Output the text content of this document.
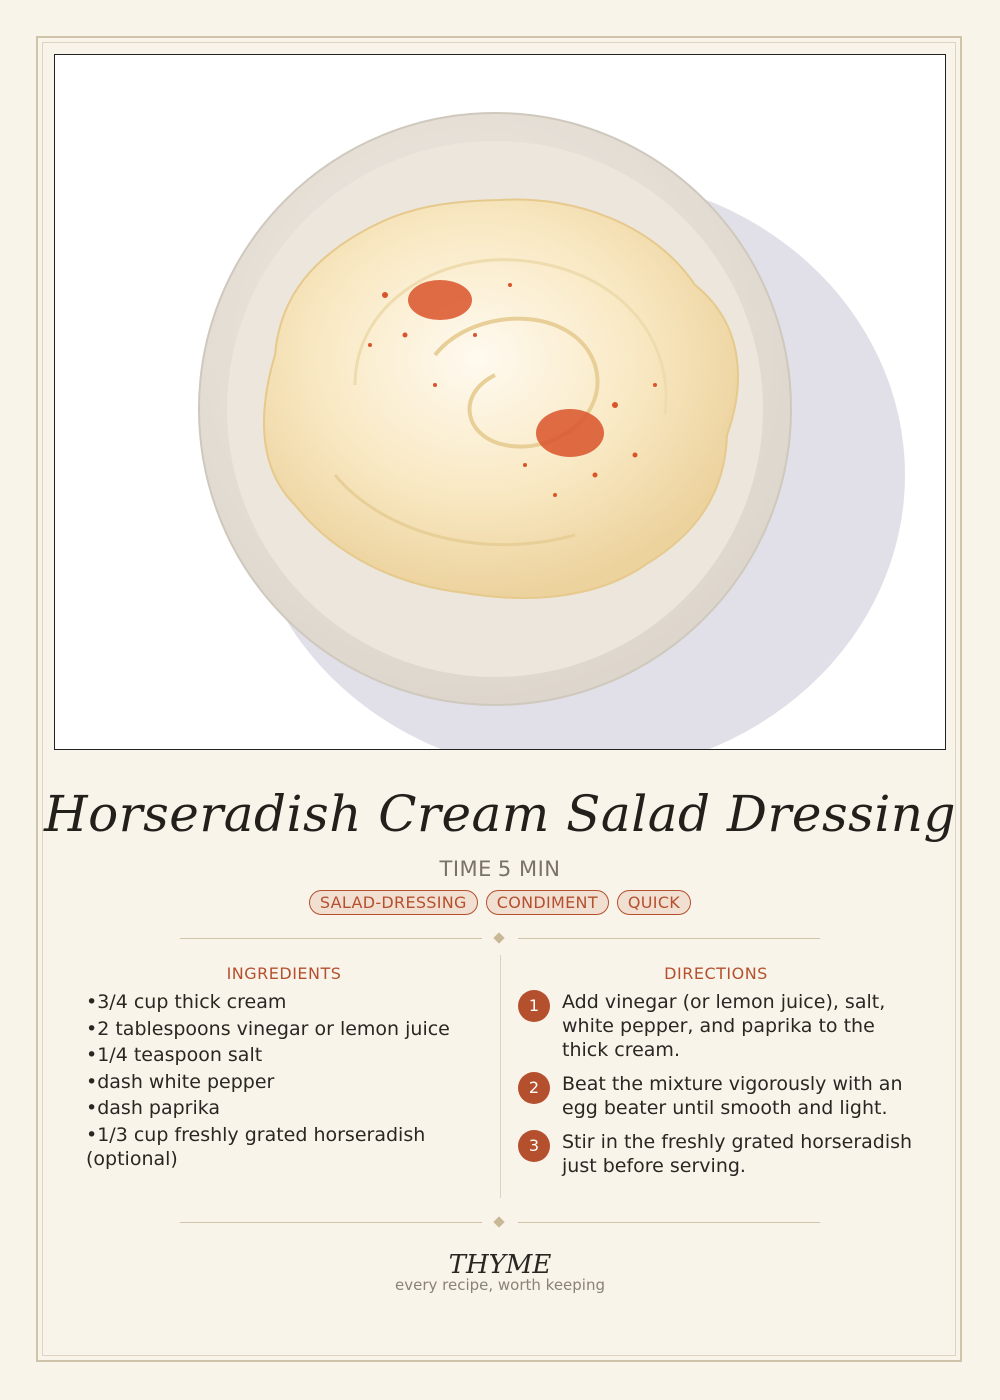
Horseradish Cream Salad Dressing
TIME 5 MIN
SALAD-DRESSING	CONDIMENT	QUICK
INGREDIENTS
• 3/4 cup thick cream
• 2 tablespoons vinegar or lemon juice
• 1/4 teaspoon salt
• dash white pepper
• dash paprika
• 1/3 cup freshly grated horseradish (optional)
DIRECTIONS
1	Add vinegar (or lemon juice), salt, white pepper, and paprika to the thick cream.
2	Beat the mixture vigorously with an egg beater until smooth and light.
3	Stir in the freshly grated horseradish just before serving.
THYME
every recipe, worth keeping
